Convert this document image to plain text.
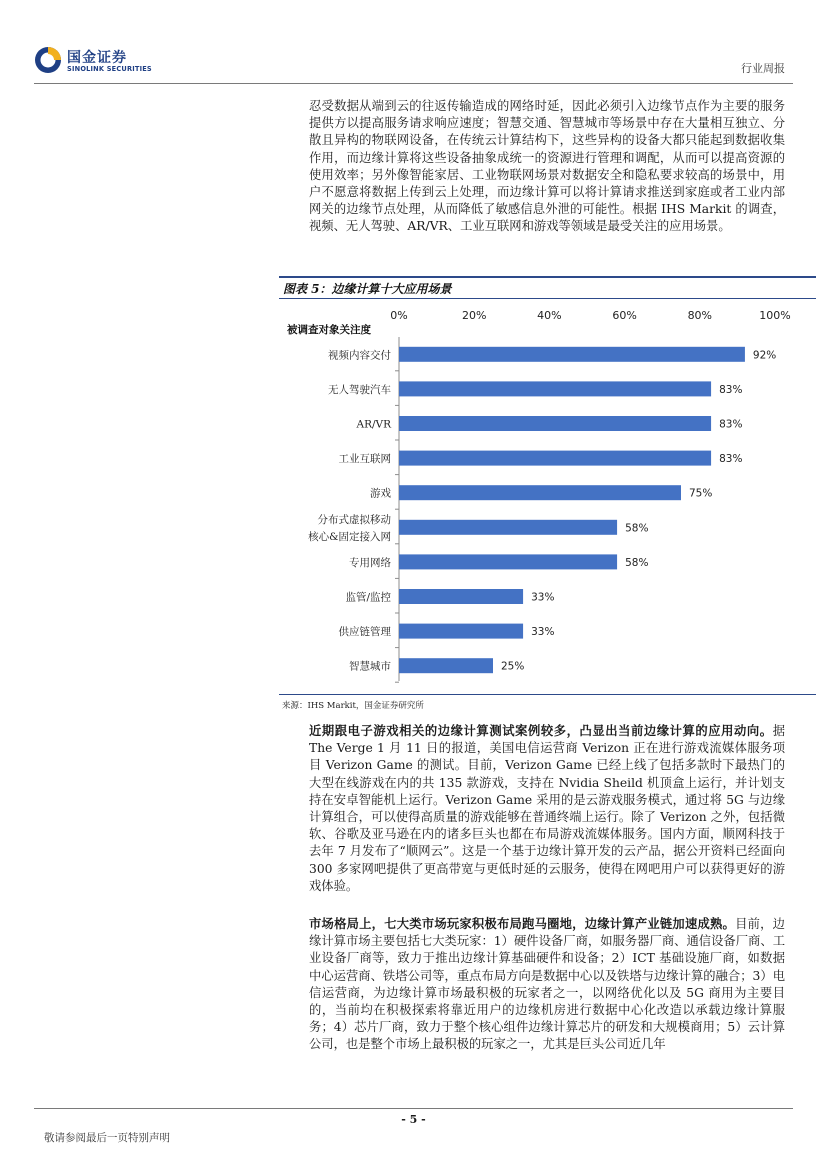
国金证券
SINOLINK SECURITIES	行业周报
忍受数据从端到云的往返传输造成的网络时延，因此必须引入边缘节点作为主要的服务提供方以提高服务请求响应速度；智慧交通、智慧城市等场景中存在大量相互独立、分散且异构的物联网设备，在传统云计算结构下，这些异构的设备大都只能起到数据收集作用，而边缘计算将这些设备抽象成统一的资源进行管理和调配，从而可以提高资源的使用效率；另外像智能家居、工业物联网场景对数据安全和隐私要求较高的场景中，用户不愿意将数据上传到云上处理，而边缘计算可以将计算请求推送到家庭或者工业内部网关的边缘节点处理，从而降低了敏感信息外泄的可能性。根据 IHS Markit 的调查，视频、无人驾驶、AR/VR、工业互联网和游戏等领域是最受关注的应用场景。
图表 5：边缘计算十大应用场景
0%	20%	40%	60%	80%	100%
被调查对象关注度
92%
视频内容交付
83%
无人驾驶汽车
83%
AR/VR
83%
工业互联网
75%
游戏
58%
分布式虚拟移动
核心&固定接入网
58%
专用网络
33%
监管/监控
33%
供应链管理
25%
智慧城市
来源：IHS Markit，国金证券研究所
近期跟电子游戏相关的边缘计算测试案例较多，凸显出当前边缘计算的应用动向。据 The Verge 1 月 11 日的报道，美国电信运营商 Verizon 正在进行游戏流媒体服务项目 Verizon Game 的测试。目前，Verizon Game 已经上线了包括多款时下最热门的大型在线游戏在内的共 135 款游戏，支持在 Nvidia Sheild 机顶盒上运行，并计划支持在安卓智能机上运行。Verizon Game 采用的是云游戏服务模式，通过将 5G 与边缘计算组合，可以使得高质量的游戏能够在普通终端上运行。除了 Verizon 之外，包括微软、谷歌及亚马逊在内的诸多巨头也都在布局游戏流媒体服务。国内方面，顺网科技于去年 7 月发布了“顺网云”。这是一个基于边缘计算开发的云产品，据公开资料已经面向 300 多家网吧提供了更高带宽与更低时延的云服务，使得在网吧用户可以获得更好的游戏体验。
市场格局上，七大类市场玩家积极布局跑马圈地，边缘计算产业链加速成熟。目前，边缘计算市场主要包括七大类玩家：1）硬件设备厂商，如服务器厂商、通信设备厂商、工业设备厂商等，致力于推出边缘计算基础硬件和设备；2）ICT 基础设施厂商，如数据中心运营商、铁塔公司等，重点布局方向是数据中心以及铁塔与边缘计算的融合；3）电信运营商，为边缘计算市场最积极的玩家者之一，以网络优化以及 5G 商用为主要目的，当前均在积极探索将靠近用户的边缘机房进行数据中心化改造以承载边缘计算服务；4）芯片厂商，致力于整个核心组件边缘计算芯片的研发和大规模商用；5）云计算公司，也是整个市场上最积极的玩家之一，尤其是巨头公司近几年
- 5 -
敬请参阅最后一页特别声明
